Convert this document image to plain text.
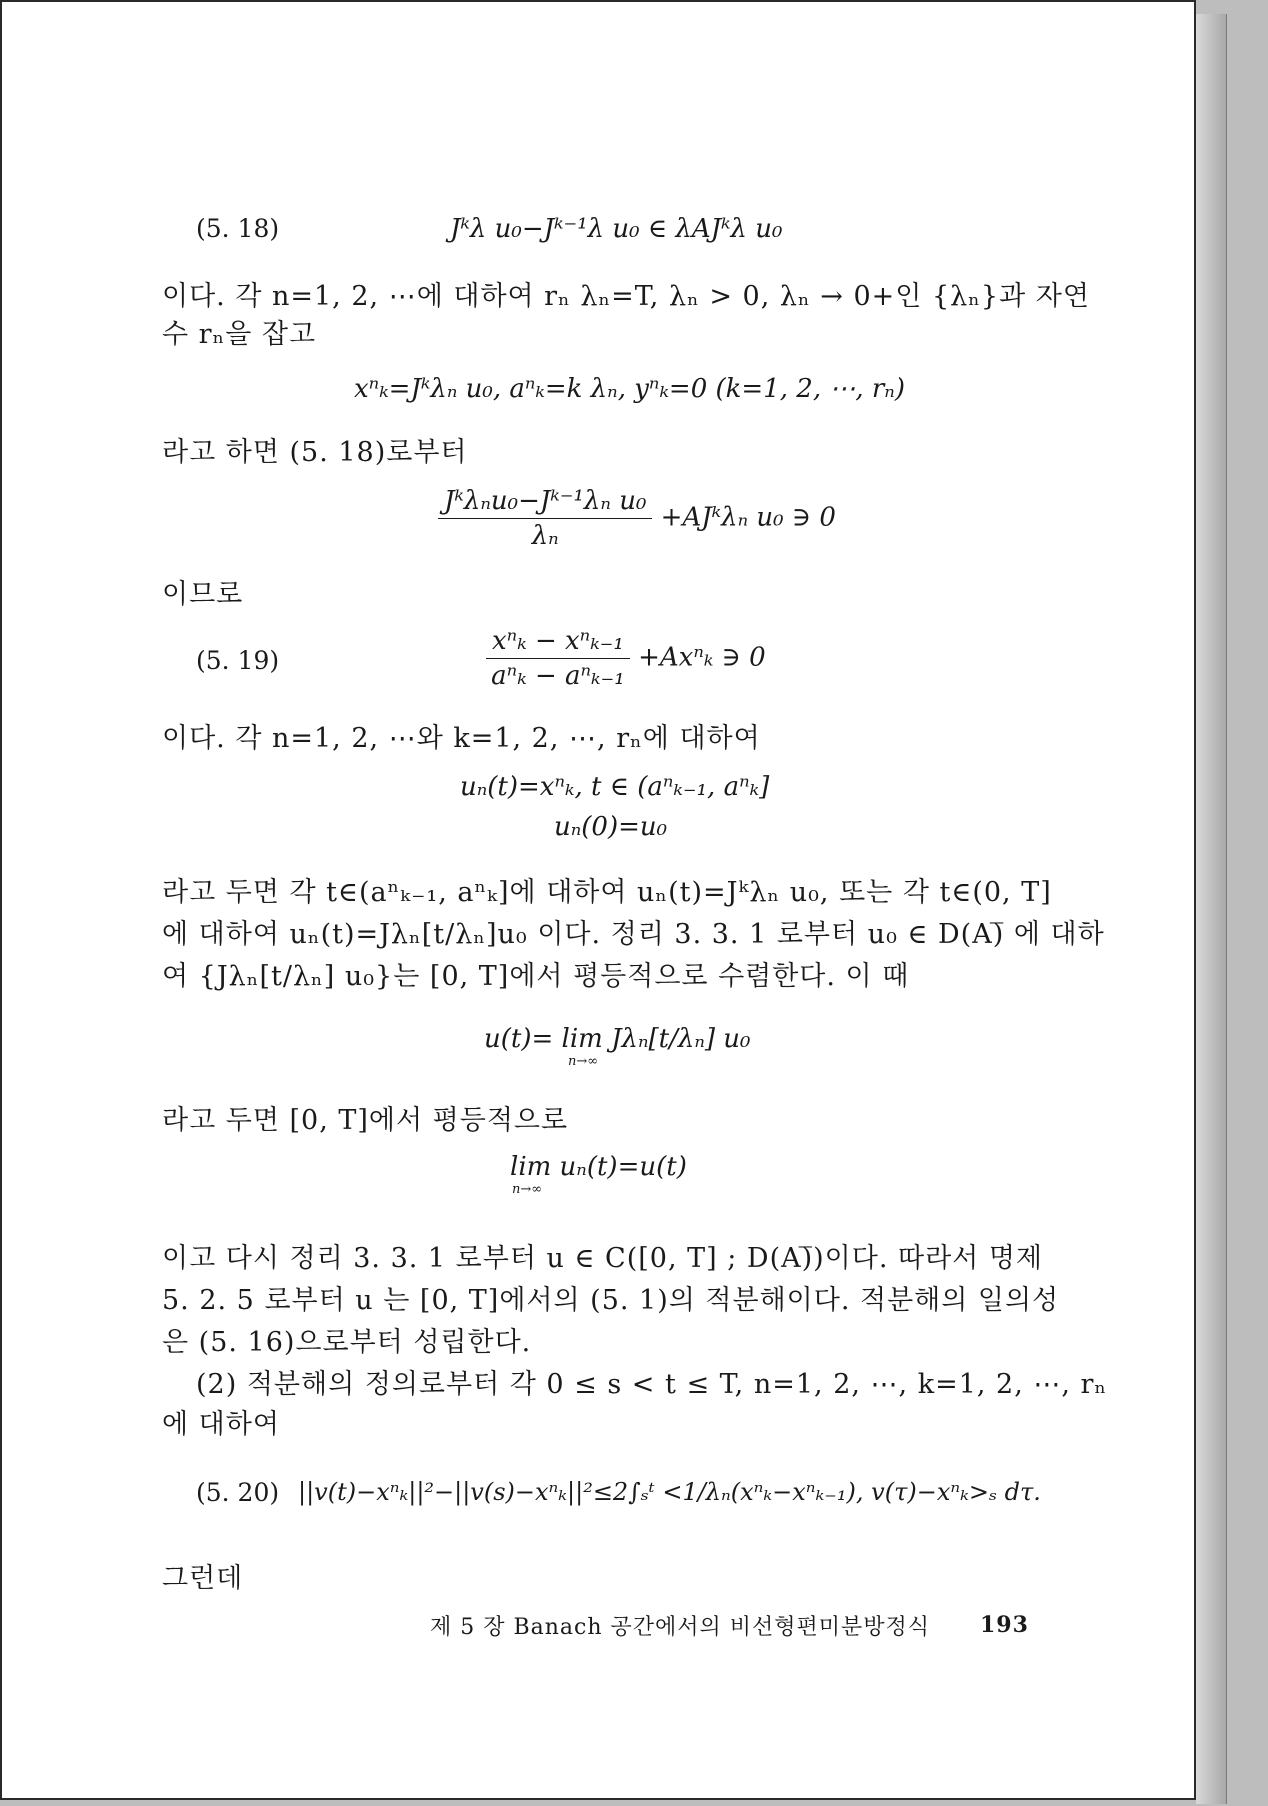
(5. 18)	Jᵏλ u₀−Jᵏ⁻¹λ u₀ ∈ λAJᵏλ u₀
이다. 각 n=1, 2, ⋯에 대하여 rₙ λₙ=T, λₙ > 0, λₙ → 0+인 {λₙ}과 자연
수 rₙ을 잡고
xⁿₖ=Jᵏλₙ u₀, aⁿₖ=k λₙ, yⁿₖ=0 (k=1, 2, ⋯, rₙ)
라고 하면 (5. 18)로부터
$\frac{\text{Jᵏλₙu₀−Jᵏ⁻¹λₙ u₀}}{\text{λₙ}}$ +AJᵏλₙ u₀ ∋ 0
이므로
(5. 19)	$\frac{\text{xⁿₖ − xⁿₖ₋₁}}{\text{aⁿₖ − aⁿₖ₋₁}} +Ax^n_k$ ∋ 0
이다. 각 n=1, 2, ⋯와 k=1, 2, ⋯, rₙ에 대하여
uₙ(t)=xⁿₖ, t ∈ (aⁿₖ₋₁, aⁿₖ]
uₙ(0)=u₀
라고 두면 각 t∈(aⁿₖ₋₁, aⁿₖ]에 대하여 uₙ(t)=Jᵏλₙ u₀, 또는 각 t∈(0, T]
에 대하여 uₙ(t)=Jλₙ[t/λₙ]u₀ 이다. 정리 3. 3. 1 로부터 u₀ ∈ D(A)̅ 에 대하
여 {Jλₙ[t/λₙ] u₀}는 [0, T]에서 평등적으로 수렴한다. 이 때
u(t)= lim Jλₙ[t/λₙ] u₀
n→∞
라고 두면 [0, T]에서 평등적으로
lim uₙ(t)=u(t)
n→∞
이고 다시 정리 3. 3. 1 로부터 u ∈ C([0, T] ; D(A)̅)이다. 따라서 명제
5. 2. 5 로부터 u 는 [0, T]에서의 (5. 1)의 적분해이다. 적분해의 일의성
은 (5. 16)으로부터 성립한다.
(2) 적분해의 정의로부터 각 0 ≤ s < t ≤ T, n=1, 2, ⋯, k=1, 2, ⋯, rₙ
에 대하여
(5. 20) ||v(t)−xⁿₖ||²−||v(s)−xⁿₖ||²≤2∫ₛᵗ <1/λₙ(xⁿₖ−xⁿₖ₋₁), v(τ)−xⁿₖ>ₛ dτ.
그런데
제 5 장 Banach 공간에서의 비선형편미분방정식 193
